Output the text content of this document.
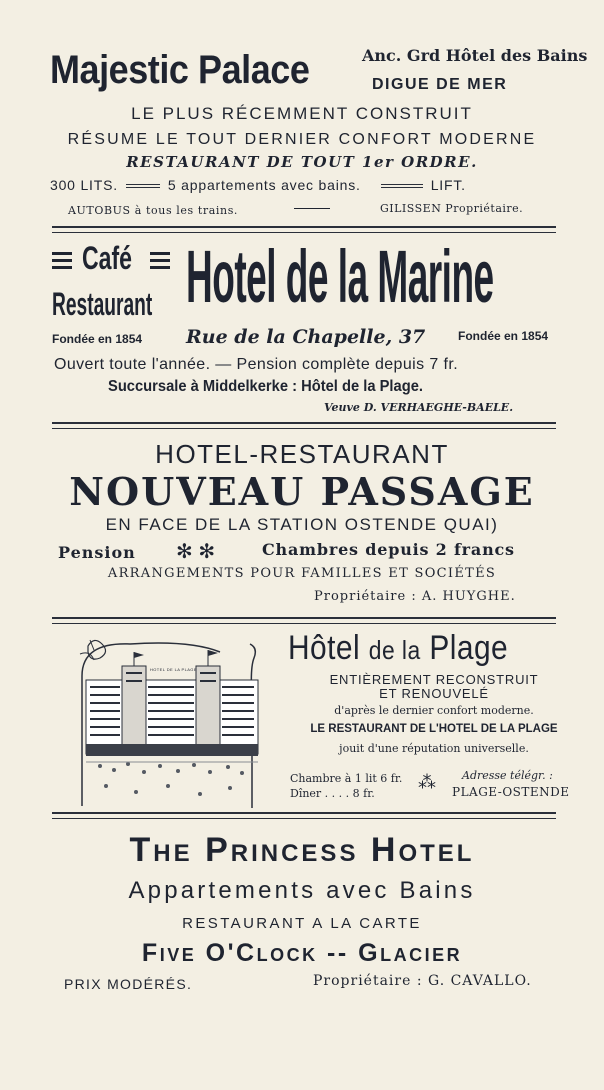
Majestic Palace	Anc. Grd Hôtel des Bains
DIGUE DE MER
LE PLUS RÉCEMMENT CONSTRUIT
RÉSUME LE TOUT DERNIER CONFORT MODERNE
RESTAURANT DE TOUT 1er ORDRE.
300 LITS.	5 appartements avec bains.	LIFT.
AUTOBUS à tous les trains.	GILISSEN Propriétaire.
Café
Restaurant Hotel de la Marine
Fondée en 1854 Rue de la Chapelle, 37	Fondée en 1854
Ouvert toute l'année. — Pension complète depuis 7 fr.
Succursale à Middelkerke : Hôtel de la Plage.
Veuve D. VERHAEGHE-BAELE.
HOTEL-RESTAURANT
NOUVEAU PASSAGE
EN FACE DE LA STATION OSTENDE QUAI)
Pension ✻ ✻	Chambres depuis 2 francs
ARRANGEMENTS POUR FAMILLES ET SOCIÉTÉS
Propriétaire : A. HUYGHE.
HOTEL DE LA PLAGE
Hôtel de la Plage
ENTIÈREMENT RECONSTRUIT
ET RENOUVELÉ
d'après le dernier confort moderne.
LE RESTAURANT DE L'HOTEL DE LA PLAGE
jouit d'une réputation universelle.
Chambre à 1 lit 6 fr.
Dîner . . . . 8 fr.
⁂ Adresse télégr. :
PLAGE-OSTENDE
The Princess Hotel
Appartements avec Bains
RESTAURANT A LA CARTE
Five O'Clock -- Glacier
PRIX MODÉRÉS.	Propriétaire : G. CAVALLO.
